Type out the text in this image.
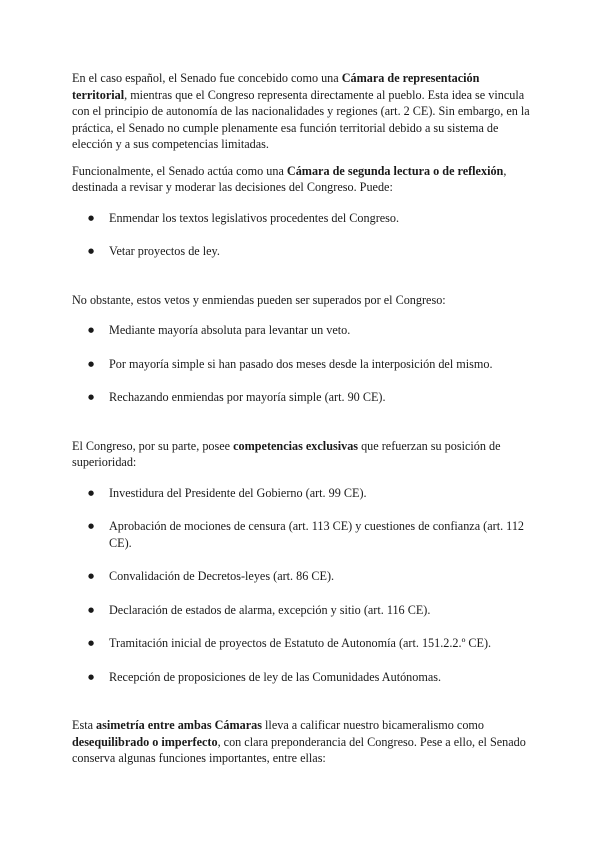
En el caso español, el Senado fue concebido como una Cámara de representación territorial, mientras que el Congreso representa directamente al pueblo. Esta idea se vincula con el principio de autonomía de las nacionalidades y regiones (art. 2 CE). Sin embargo, en la práctica, el Senado no cumple plenamente esa función territorial debido a su sistema de elección y a sus competencias limitadas.

Funcionalmente, el Senado actúa como una Cámara de segunda lectura o de reflexión, destinada a revisar y moderar las decisiones del Congreso. Puede:

● Enmendar los textos legislativos procedentes del Congreso.
● Vetar proyectos de ley.

No obstante, estos vetos y enmiendas pueden ser superados por el Congreso:

● Mediante mayoría absoluta para levantar un veto.
● Por mayoría simple si han pasado dos meses desde la interposición del mismo.
● Rechazando enmiendas por mayoría simple (art. 90 CE).

El Congreso, por su parte, posee competencias exclusivas que refuerzan su posición de superioridad:

● Investidura del Presidente del Gobierno (art. 99 CE).
● Aprobación de mociones de censura (art. 113 CE) y cuestiones de confianza (art. 112 CE).
● Convalidación de Decretos-leyes (art. 86 CE).
● Declaración de estados de alarma, excepción y sitio (art. 116 CE).
● Tramitación inicial de proyectos de Estatuto de Autonomía (art. 151.2.2.º CE).
● Recepción de proposiciones de ley de las Comunidades Autónomas.

Esta asimetría entre ambas Cámaras lleva a calificar nuestro bicameralismo como desequilibrado o imperfecto, con clara preponderancia del Congreso. Pese a ello, el Senado conserva algunas funciones importantes, entre ellas:
